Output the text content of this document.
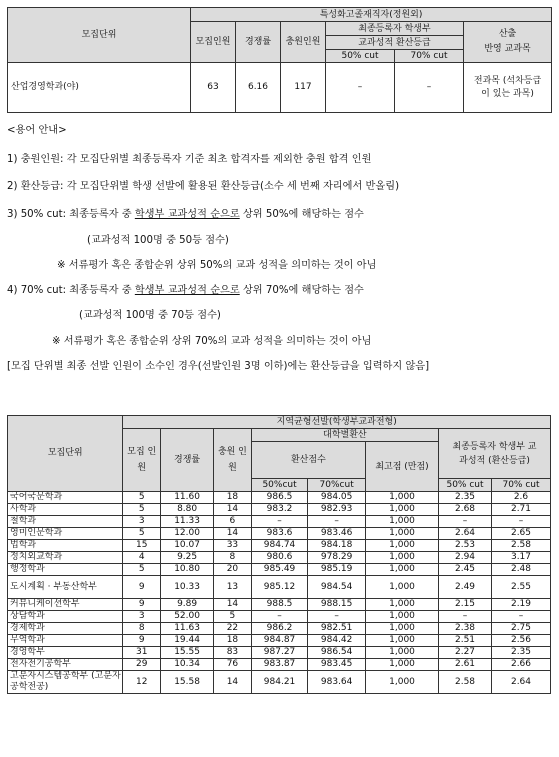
모집단위	특성화고졸재직자(정원외)					
	모집인원	경쟁률	충원인원	최종등록자 학생부		산출
반영 교과목
				교과성적 환산등급		
				50% cut	70% cut	
산업경영학과(야)	63	6.16	117	–	–	전과목 (석차등급이 있는 과목)
<용어 안내>
1) 충원인원: 각 모집단위별 최종등록자 기준 최초 합격자를 제외한 충원 합격 인원
2) 환산등급: 각 모집단위별 학생 선발에 활용된 환산등급(소수 세 번째 자리에서 반올림)
3) 50% cut: 최종등록자 중 학생부 교과성적 순으로 상위 50%에 해당하는 점수
(교과성적 100명 중 50등 점수)
※ 서류평가 혹은 종합순위 상위 50%의 교과 성적을 의미하는 것이 아님
4) 70% cut: 최종등록자 중 학생부 교과성적 순으로 상위 70%에 해당하는 점수
(교과성적 100명 중 70등 점수)
※ 서류평가 혹은 종합순위 상위 70%의 교과 성적을 의미하는 것이 아님
[모집 단위별 최종 선발 인원이 소수인 경우(선발인원 3명 이하)에는 환산등급을 입력하지 않음]
모집단위	지역균형선발(학생부교과전형)							
	모집 인원	경쟁률	충원 인원	대학별환산			최종등록자 학생부 교과성적 (환산등급)	
				환산점수		최고점 (만점)		
				50%cut	70%cut		50% cut	70% cut
국어국문학과	5	11.60	18	986.5	984.05	1,000	2.35	2.6
사학과	5	8.80	14	983.2	982.93	1,000	2.68	2.71
철학과	3	11.33	6	–	–	1,000	–	–
영미인문학과	5	12.00	14	983.6	983.46	1,000	2.64	2.65
법학과	15	10.07	33	984.74	984.18	1,000	2.53	2.58
정치외교학과	4	9.25	8	980.6	978.29	1,000	2.94	3.17
행정학과	5	10.80	20	985.49	985.19	1,000	2.45	2.48
도시계획 · 부동산학부	9	10.33	13	985.12	984.54	1,000	2.49	2.55
커뮤니케이션학부	9	9.89	14	988.5	988.15	1,000	2.15	2.19
상담학과	3	52.00	5	–	–	1,000	–	–
경제학과	8	11.63	22	986.2	982.51	1,000	2.38	2.75
무역학과	9	19.44	18	984.87	984.42	1,000	2.51	2.56
경영학부	31	15.55	83	987.27	986.54	1,000	2.27	2.35
전자전기공학부	29	10.34	76	983.87	983.45	1,000	2.61	2.66
고분자시스템공학부 (고분자공학전공)	12	15.58	14	984.21	983.64	1,000	2.58	2.64
